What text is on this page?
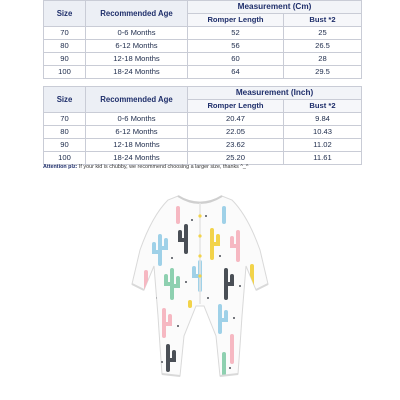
Size	Recommended Age	Measurement (Cm)	
		Romper Length	Bust *2
70	0-6 Months	52	25
80	6-12 Months	56	26.5
90	12-18 Months	60	28
100	18-24 Months	64	29.5
Size	Recommended Age	Measurement (Inch)	
		Romper Length	Bust *2
70	0-6 Months	20.47	9.84
80	6-12 Months	22.05	10.43
90	12-18 Months	23.62	11.02
100	18-24 Months	25.20	11.61
Attention plz: If your kid is chubby, we recommend choosing a larger size, thanks ^_^
